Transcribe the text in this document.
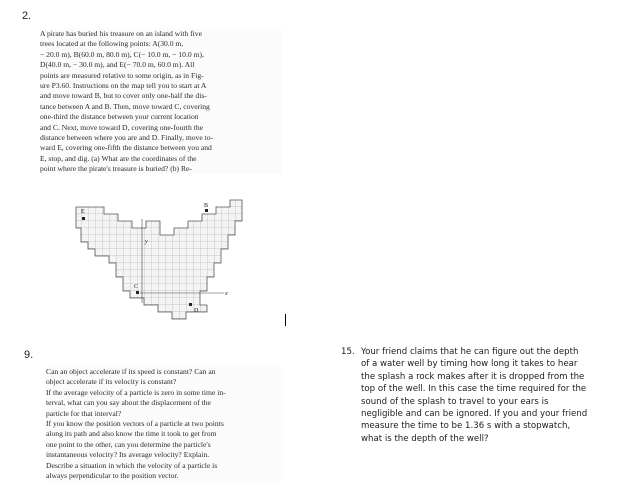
2.
A pirate has buried his treasure on an island with five
trees located at the following points: A(30.0 m,
− 20.0 m), B(60.0 m, 80.0 m), C(− 10.0 m, − 10.0 m),
D(40.0 m, − 30.0 m), and E(− 70.0 m, 60.0 m). All
points are measured relative to some origin, as in Fig-
ure P3.60. Instructions on the map tell you to start at A
and move toward B, but to cover only one-half the dis-
tance between A and B. Then, move toward C, covering
one-third the distance between your current location
and C. Next, move toward D, covering one-fourth the
distance between where you are and D. Finally, move to-
ward E, covering one-fifth the distance between you and
E, stop, and dig. (a) What are the coordinates of the
point where the pirate's treasure is buried? (b) Re-
E
B
y
C
x
D
9.
Can an object accelerate if its speed is constant? Can an
object accelerate if its velocity is constant?
If the average velocity of a particle is zero in some time in-
terval, what can you say about the displacement of the
particle for that interval?
If you know the position vectors of a particle at two points
along its path and also know the time it took to get from
one point to the other, can you determine the particle's
instantaneous velocity? Its average velocity? Explain.
Describe a situation in which the velocity of a particle is
always perpendicular to the position vector.
15. Your friend claims that he can figure out the depth
of a water well by timing how long it takes to hear
the splash a rock makes after it is dropped from the
top of the well. In this case the time required for the
sound of the splash to travel to your ears is
negligible and can be ignored. If you and your friend
measure the time to be 1.36 s with a stopwatch,
what is the depth of the well?
